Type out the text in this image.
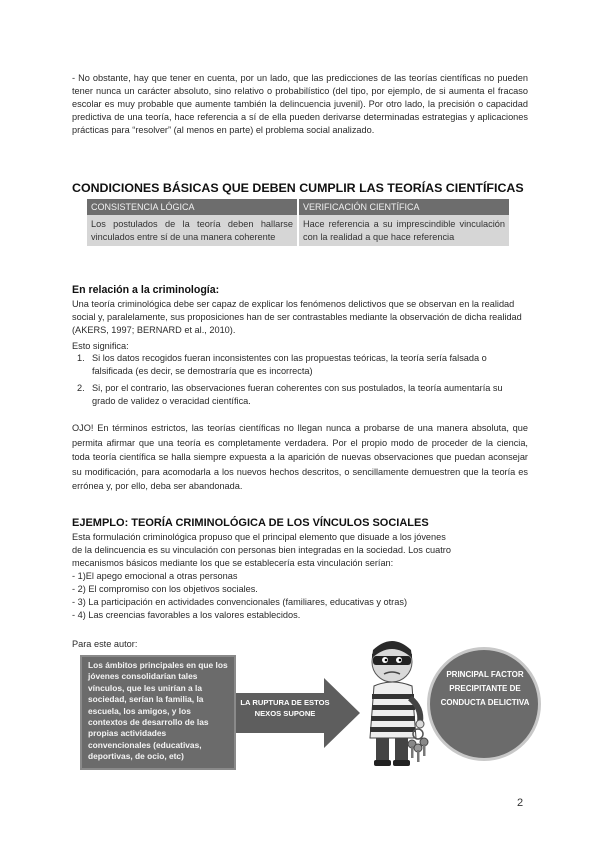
- No obstante, hay que tener en cuenta, por un lado, que las predicciones de las teorías científicas no pueden tener nunca un carácter absoluto, sino relativo o probabilístico (del tipo, por ejemplo, de si aumenta el fracaso escolar es muy probable que aumente también la delincuencia juvenil). Por otro lado, la precisión o capacidad predictiva de una teoría, hace referencia a sí de ella pueden derivarse determinadas estrategias y aplicaciones prácticas para “resolver” (al menos en parte) el problema social analizado.
CONDICIONES BÁSICAS QUE DEBEN CUMPLIR LAS TEORÍAS CIENTÍFICAS
CONSISTENCIA LÓGICA	VERIFICACIÓN CIENTÍFICA
Los postulados de la teoría deben hallarse vinculados entre sí de una manera coherente	Hace referencia a su imprescindible vinculación con la realidad a que hace referencia
En relación a la criminología:
Una teoría criminológica debe ser capaz de explicar los fenómenos delictivos que se observan en la realidad social y, paralelamente, sus proposiciones han de ser contrastables mediante la observación de dicha realidad (AKERS, 1997; BERNARD et al., 2010).
Esto significa:
1. Si los datos recogidos fueran inconsistentes con las propuestas teóricas, la teoría sería falsada o falsificada (es decir, se demostraría que es incorrecta)
2. Si, por el contrario, las observaciones fueran coherentes con sus postulados, la teoría aumentaría su grado de validez o veracidad científica.
OJO! En términos estrictos, las teorías científicas no llegan nunca a probarse de una manera absoluta, que permita afirmar que una teoría es completamente verdadera. Por el propio modo de proceder de la ciencia, toda teoría científica se halla siempre expuesta a la aparición de nuevas observaciones que puedan aconsejar su modificación, para acomodarla a los nuevos hechos descritos, o sencillamente demuestren que la teoría es errónea y, por ello, deba ser abandonada.
EJEMPLO: TEORÍA CRIMINOLÓGICA DE LOS VÍNCULOS SOCIALES
Esta formulación criminológica propuso que el principal elemento que disuade a los jóvenes
de la delincuencia es su vinculación con personas bien integradas en la sociedad. Los cuatro
mecanismos básicos mediante los que se establecería esta vinculación serían:
- 1)El apego emocional a otras personas
- 2) El compromiso con los objetivos sociales.
- 3) La participación en actividades convencionales (familiares, educativas y otras)
- 4) Las creencias favorables a los valores establecidos.
Para este autor:
Los ámbitos principales en que los jóvenes consolidarían tales vínculos, que les unirían a la sociedad, serían la familia, la escuela, los amigos, y los contextos de desarrollo de las propias actividades convencionales (educativas, deportivas, de ocio, etc)
LA RUPTURA DE ESTOS NEXOS SUPONE
PRINCIPAL FACTOR PRECIPITANTE DE CONDUCTA DELICTIVA
2
